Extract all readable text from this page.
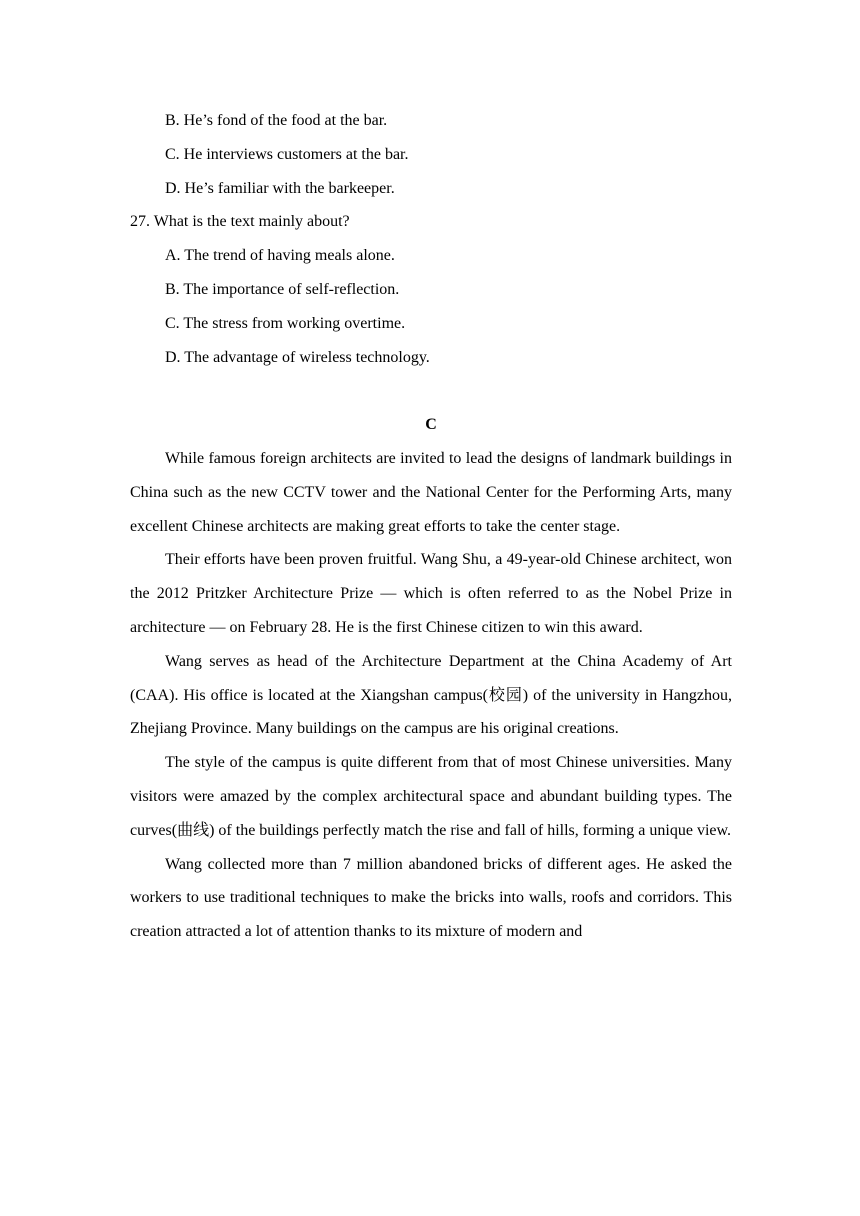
B. He’s fond of the food at the bar.
C. He interviews customers at the bar.
D. He’s familiar with the barkeeper.
27. What is the text mainly about?
A. The trend of having meals alone.
B. The importance of self-reflection.
C. The stress from working overtime.
D. The advantage of wireless technology.
C

While famous foreign architects are invited to lead the designs of landmark buildings in China such as the new CCTV tower and the National Center for the Performing Arts, many excellent Chinese architects are making great efforts to take the center stage.

Their efforts have been proven fruitful. Wang Shu, a 49-year-old Chinese architect, won the 2012 Pritzker Architecture Prize — which is often referred to as the Nobel Prize in architecture — on February 28. He is the first Chinese citizen to win this award.

Wang serves as head of the Architecture Department at the China Academy of Art (CAA). His office is located at the Xiangshan campus(校园) of the university in Hangzhou, Zhejiang Province. Many buildings on the campus are his original creations.

The style of the campus is quite different from that of most Chinese universities. Many visitors were amazed by the complex architectural space and abundant building types. The curves(曲线) of the buildings perfectly match the rise and fall of hills, forming a unique view.

Wang collected more than 7 million abandoned bricks of different ages. He asked the workers to use traditional techniques to make the bricks into walls, roofs and corridors. This creation attracted a lot of attention thanks to its mixture of modern and
